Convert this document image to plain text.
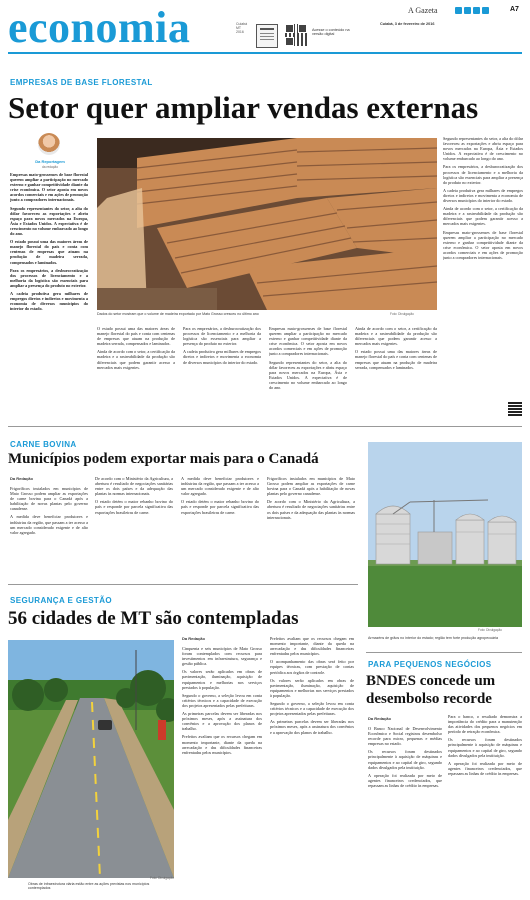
economia	Cuiabá
MT
2016	Acesse o conteúdo na versão digital
A Gazeta	A7
Cuiabá, 3 de fevereiro de 2016
EMPRESAS DE BASE FLORESTAL
Setor quer ampliar vendas externas
Da Reportagem
da redação

Empresas mato-grossenses de base florestal querem ampliar a participação no mercado externo e ganhar competitividade diante da crise econômica. O setor aposta em novos acordos comerciais e em ações de promoção junto a compradores internacionais.

Segundo representantes do setor, a alta do dólar favoreceu as exportações e abriu espaço para novos mercados na Europa, Ásia e Estados Unidos. A expectativa é de crescimento no volume embarcado ao longo do ano.

O estado possui uma das maiores áreas de manejo florestal do país e conta com centenas de empresas que atuam na produção de madeira serrada, compensados e laminados.

Para os empresários, a desburocratização dos processos de licenciamento e a melhoria da logística são essenciais para ampliar a presença do produto no exterior.

A cadeia produtiva gera milhares de empregos diretos e indiretos e movimenta a economia de diversos municípios do interior do estado.

Dados do setor mostram que o volume de madeira exportado por Mato Grosso cresceu no último ano	Foto: Divulgação

Segundo representantes do setor, a alta do dólar favoreceu as exportações e abriu espaço para novos mercados na Europa, Ásia e Estados Unidos. A expectativa é de crescimento no volume embarcado ao longo do ano.

Para os empresários, a desburocratização dos processos de licenciamento e a melhoria da logística são essenciais para ampliar a presença do produto no exterior.

A cadeia produtiva gera milhares de empregos diretos e indiretos e movimenta a economia de diversos municípios do interior do estado.

Ainda de acordo com o setor, a certificação da madeira e a rastreabilidade da produção são diferenciais que podem garantir acesso a mercados mais exigentes.

Empresas mato-grossenses de base florestal querem ampliar a participação no mercado externo e ganhar competitividade diante da crise econômica. O setor aposta em novos acordos comerciais e em ações de promoção junto a compradores internacionais.

O estado possui uma das maiores áreas de manejo florestal do país e conta com centenas de empresas que atuam na produção de madeira serrada, compensados e laminados.

Ainda de acordo com o setor, a certificação da madeira e a rastreabilidade da produção são diferenciais que podem garantir acesso a mercados mais exigentes.

Para os empresários, a desburocratização dos processos de licenciamento e a melhoria da logística são essenciais para ampliar a presença do produto no exterior.

A cadeia produtiva gera milhares de empregos diretos e indiretos e movimenta a economia de diversos municípios do interior do estado.

Empresas mato-grossenses de base florestal querem ampliar a participação no mercado externo e ganhar competitividade diante da crise econômica. O setor aposta em novos acordos comerciais e em ações de promoção junto a compradores internacionais.

Segundo representantes do setor, a alta do dólar favoreceu as exportações e abriu espaço para novos mercados na Europa, Ásia e Estados Unidos. A expectativa é de crescimento no volume embarcado ao longo do ano.

Ainda de acordo com o setor, a certificação da madeira e a rastreabilidade da produção são diferenciais que podem garantir acesso a mercados mais exigentes.

O estado possui uma das maiores áreas de manejo florestal do país e conta com centenas de empresas que atuam na produção de madeira serrada, compensados e laminados.

CARNE BOVINA
Municípios podem exportar mais para o Canadá
Da Redação

Frigoríficos instalados em municípios de Mato Grosso podem ampliar as exportações de carne bovina para o Canadá após a habilitação de novas plantas pelo governo canadense.

A medida deve beneficiar produtores e indústrias da região, que passam a ter acesso a um mercado considerado exigente e de alto valor agregado.

De acordo com o Ministério da Agricultura, a abertura é resultado de negociações sanitárias entre os dois países e da adequação das plantas às normas internacionais.

O estado detém o maior rebanho bovino do país e responde por parcela significativa das exportações brasileiras de carne.

A medida deve beneficiar produtores e indústrias da região, que passam a ter acesso a um mercado considerado exigente e de alto valor agregado.

O estado detém o maior rebanho bovino do país e responde por parcela significativa das exportações brasileiras de carne.

Frigoríficos instalados em municípios de Mato Grosso podem ampliar as exportações de carne bovina para o Canadá após a habilitação de novas plantas pelo governo canadense.

De acordo com o Ministério da Agricultura, a abertura é resultado de negociações sanitárias entre os dois países e da adequação das plantas às normas internacionais.

Armazéns de grãos no interior do estado; região tem forte produção agropecuária
Foto: Divulgação
SEGURANÇA E GESTÃO
56 cidades de MT são contempladas
Obras de infraestrutura viária estão entre as ações previstas nos municípios contemplados
Foto: Divulgação
Da Redação

Cinquenta e seis municípios de Mato Grosso foram contemplados com recursos para investimentos em infraestrutura, segurança e gestão pública.

Os valores serão aplicados em obras de pavimentação, iluminação, aquisição de equipamentos e melhorias nos serviços prestados à população.

Segundo o governo, a seleção levou em conta critérios técnicos e a capacidade de execução dos projetos apresentados pelas prefeituras.

As primeiras parcelas devem ser liberadas nos próximos meses, após a assinatura dos convênios e a aprovação dos planos de trabalho.

Prefeitos avaliam que os recursos chegam em momento importante, diante da queda na arrecadação e das dificuldades financeiras enfrentadas pelos municípios.

Prefeitos avaliam que os recursos chegam em momento importante, diante da queda na arrecadação e das dificuldades financeiras enfrentadas pelos municípios.

O acompanhamento das obras será feito por equipes técnicas, com prestação de contas periódica aos órgãos de controle.

Os valores serão aplicados em obras de pavimentação, iluminação, aquisição de equipamentos e melhorias nos serviços prestados à população.

Segundo o governo, a seleção levou em conta critérios técnicos e a capacidade de execução dos projetos apresentados pelas prefeituras.

As primeiras parcelas devem ser liberadas nos próximos meses, após a assinatura dos convênios e a aprovação dos planos de trabalho.

PARA PEQUENOS NEGÓCIOS
BNDES concede um desembolso recorde
Da Redação

O Banco Nacional de Desenvolvimento Econômico e Social registrou desembolso recorde para micro, pequenas e médias empresas no estado.

Os recursos foram destinados principalmente à aquisição de máquinas e equipamentos e ao capital de giro, segundo dados divulgados pela instituição.

A operação foi realizada por meio de agentes financeiros credenciados, que repassam as linhas de crédito às empresas.

Para o banco, o resultado demonstra a importância do crédito para a manutenção das atividades dos pequenos negócios em período de retração econômica.

Os recursos foram destinados principalmente à aquisição de máquinas e equipamentos e ao capital de giro, segundo dados divulgados pela instituição.

A operação foi realizada por meio de agentes financeiros credenciados, que repassam as linhas de crédito às empresas.
